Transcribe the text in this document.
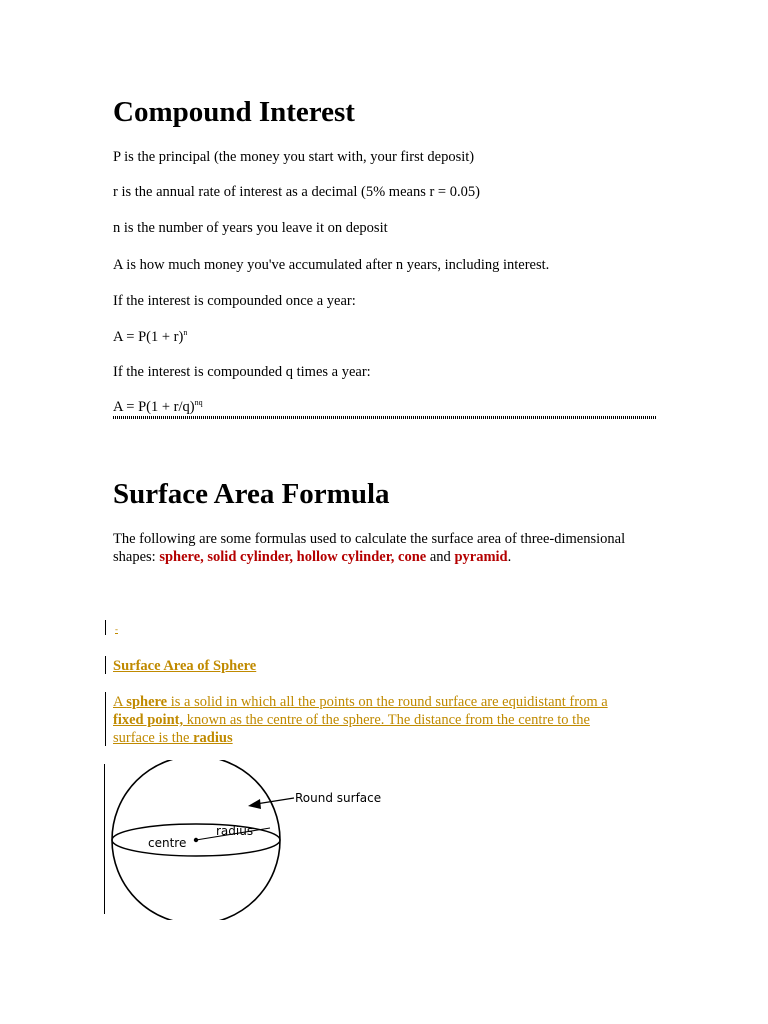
Compound Interest

P is the principal (the money you start with, your first deposit)

r is the annual rate of interest as a decimal (5% means r = 0.05)

n is the number of years you leave it on deposit

A is how much money you've accumulated after n years, including interest.

If the interest is compounded once a year:

$A = P(1 + r)^n$

If the interest is compounded q times a year:

$A = P(1 + r/q)^{nq}$

Surface Area Formula

The following are some formulas used to calculate the surface area of three-dimensional

shapes: sphere, solid cylinder, hollow cylinder, cone and pyramid.

-

Surface Area of Sphere

A sphere is a solid in which all the points on the round surface are equidistant from a

fixed point, known as the centre of the sphere. The distance from the centre to the

surface is the radius

Round surface
radius
centre
